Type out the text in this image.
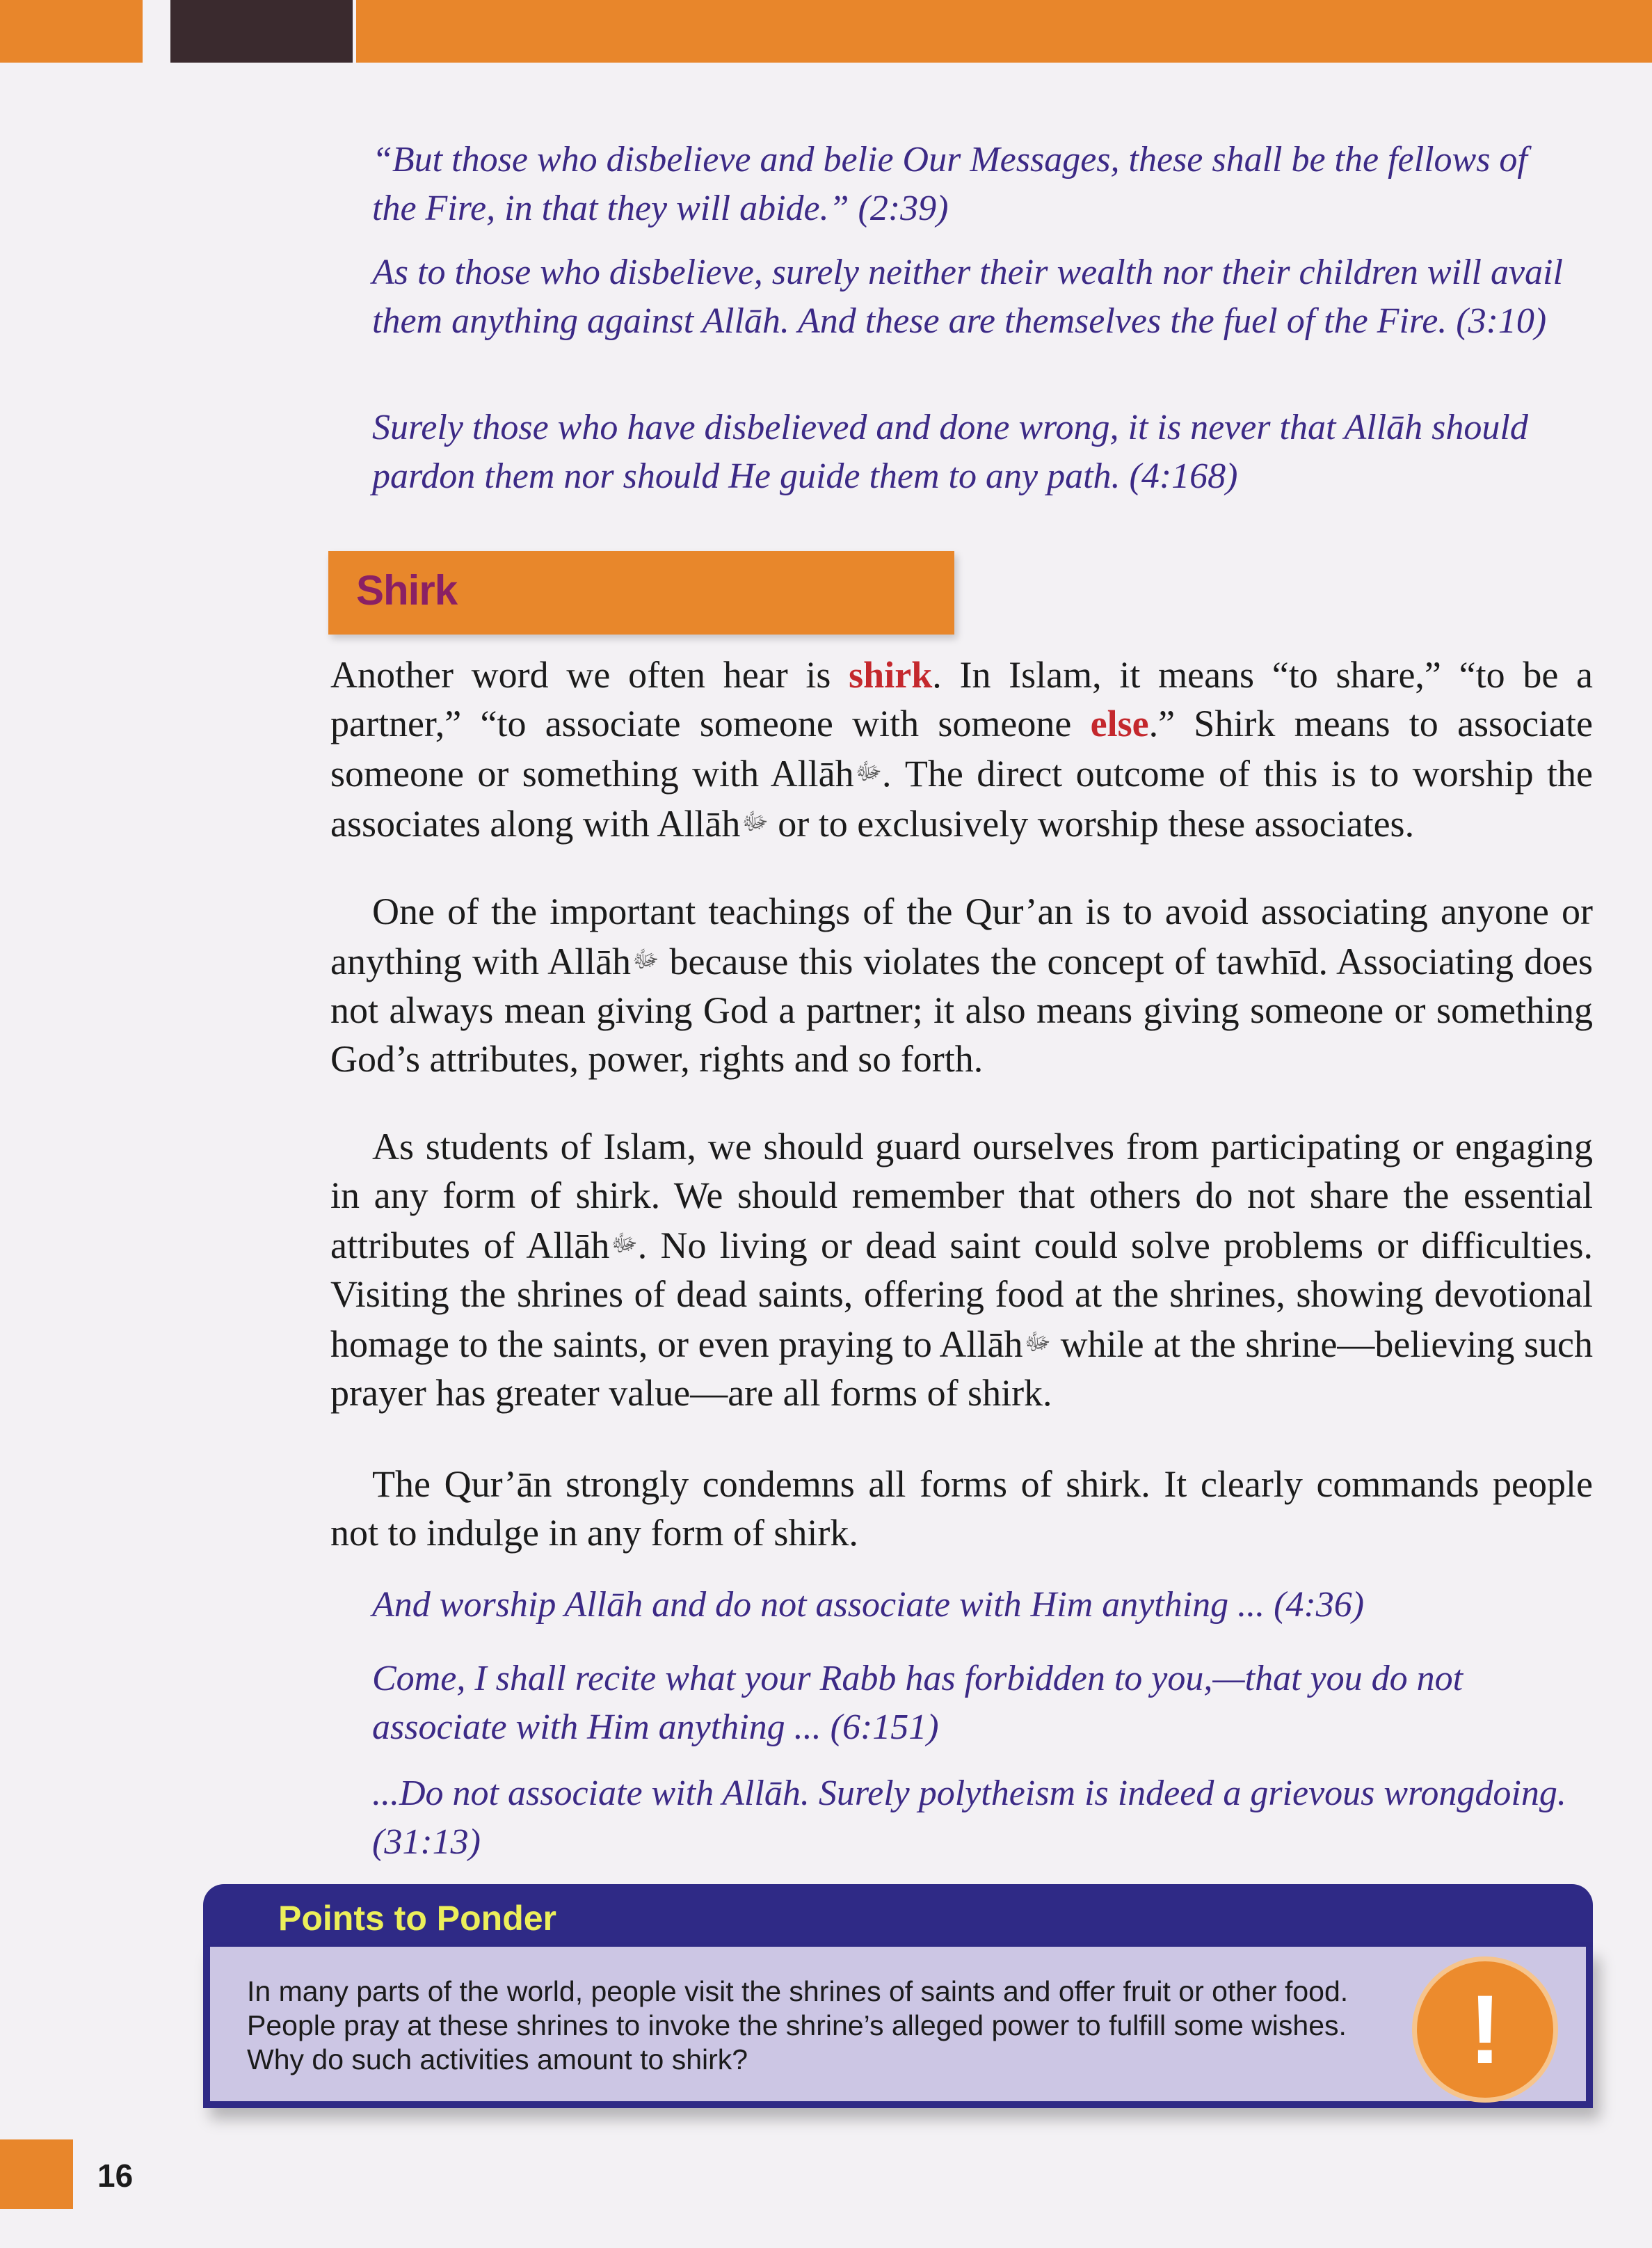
“But those who disbelieve and belie Our Messages, these shall be the fellows of the Fire, in that they will abide.” (2:39)

As to those who disbelieve, surely neither their wealth nor their children will avail them anything against Allāh. And these are themselves the fuel of the Fire. (3:10)

Surely those who have disbelieved and done wrong, it is never that Allāh should pardon them nor should He guide them to any path. (4:168)

Shirk

Another word we often hear is shirk. In Islam, it means “to share,” “to be a partner,” “to associate someone with someone else.” Shirk means to associate someone or something with Allāhﷻ. The direct outcome of this is to worship the associates along with Allāhﷻ or to exclusively worship these associates.

One of the important teachings of the Qur’an is to avoid associating anyone or anything with Allāhﷻ because this violates the concept of tawhīd. Associating does not always mean giving God a partner; it also means giving someone or something God’s attributes, power, rights and so forth.

As students of Islam, we should guard ourselves from participating or engaging in any form of shirk. We should remember that others do not share the essential attributes of Allāhﷻ. No living or dead saint could solve problems or difficulties. Visiting the shrines of dead saints, offering food at the shrines, showing devotional homage to the saints, or even praying to Allāhﷻ while at the shrine—believing such prayer has greater value—are all forms of shirk.

The Qur’ān strongly condemns all forms of shirk. It clearly commands people not to indulge in any form of shirk.

And worship Allāh and do not associate with Him anything ... (4:36)

Come, I shall recite what your Rabb has forbidden to you,—that you do not associate with Him anything ... (6:151)

...Do not associate with Allāh. Surely polytheism is indeed a grievous wrongdoing. (31:13)

Points to Ponder

In many parts of the world, people visit the shrines of saints and offer fruit or other food. People pray at these shrines to invoke the shrine’s alleged power to fulfill some wishes. Why do such activities amount to shirk?	!
16
